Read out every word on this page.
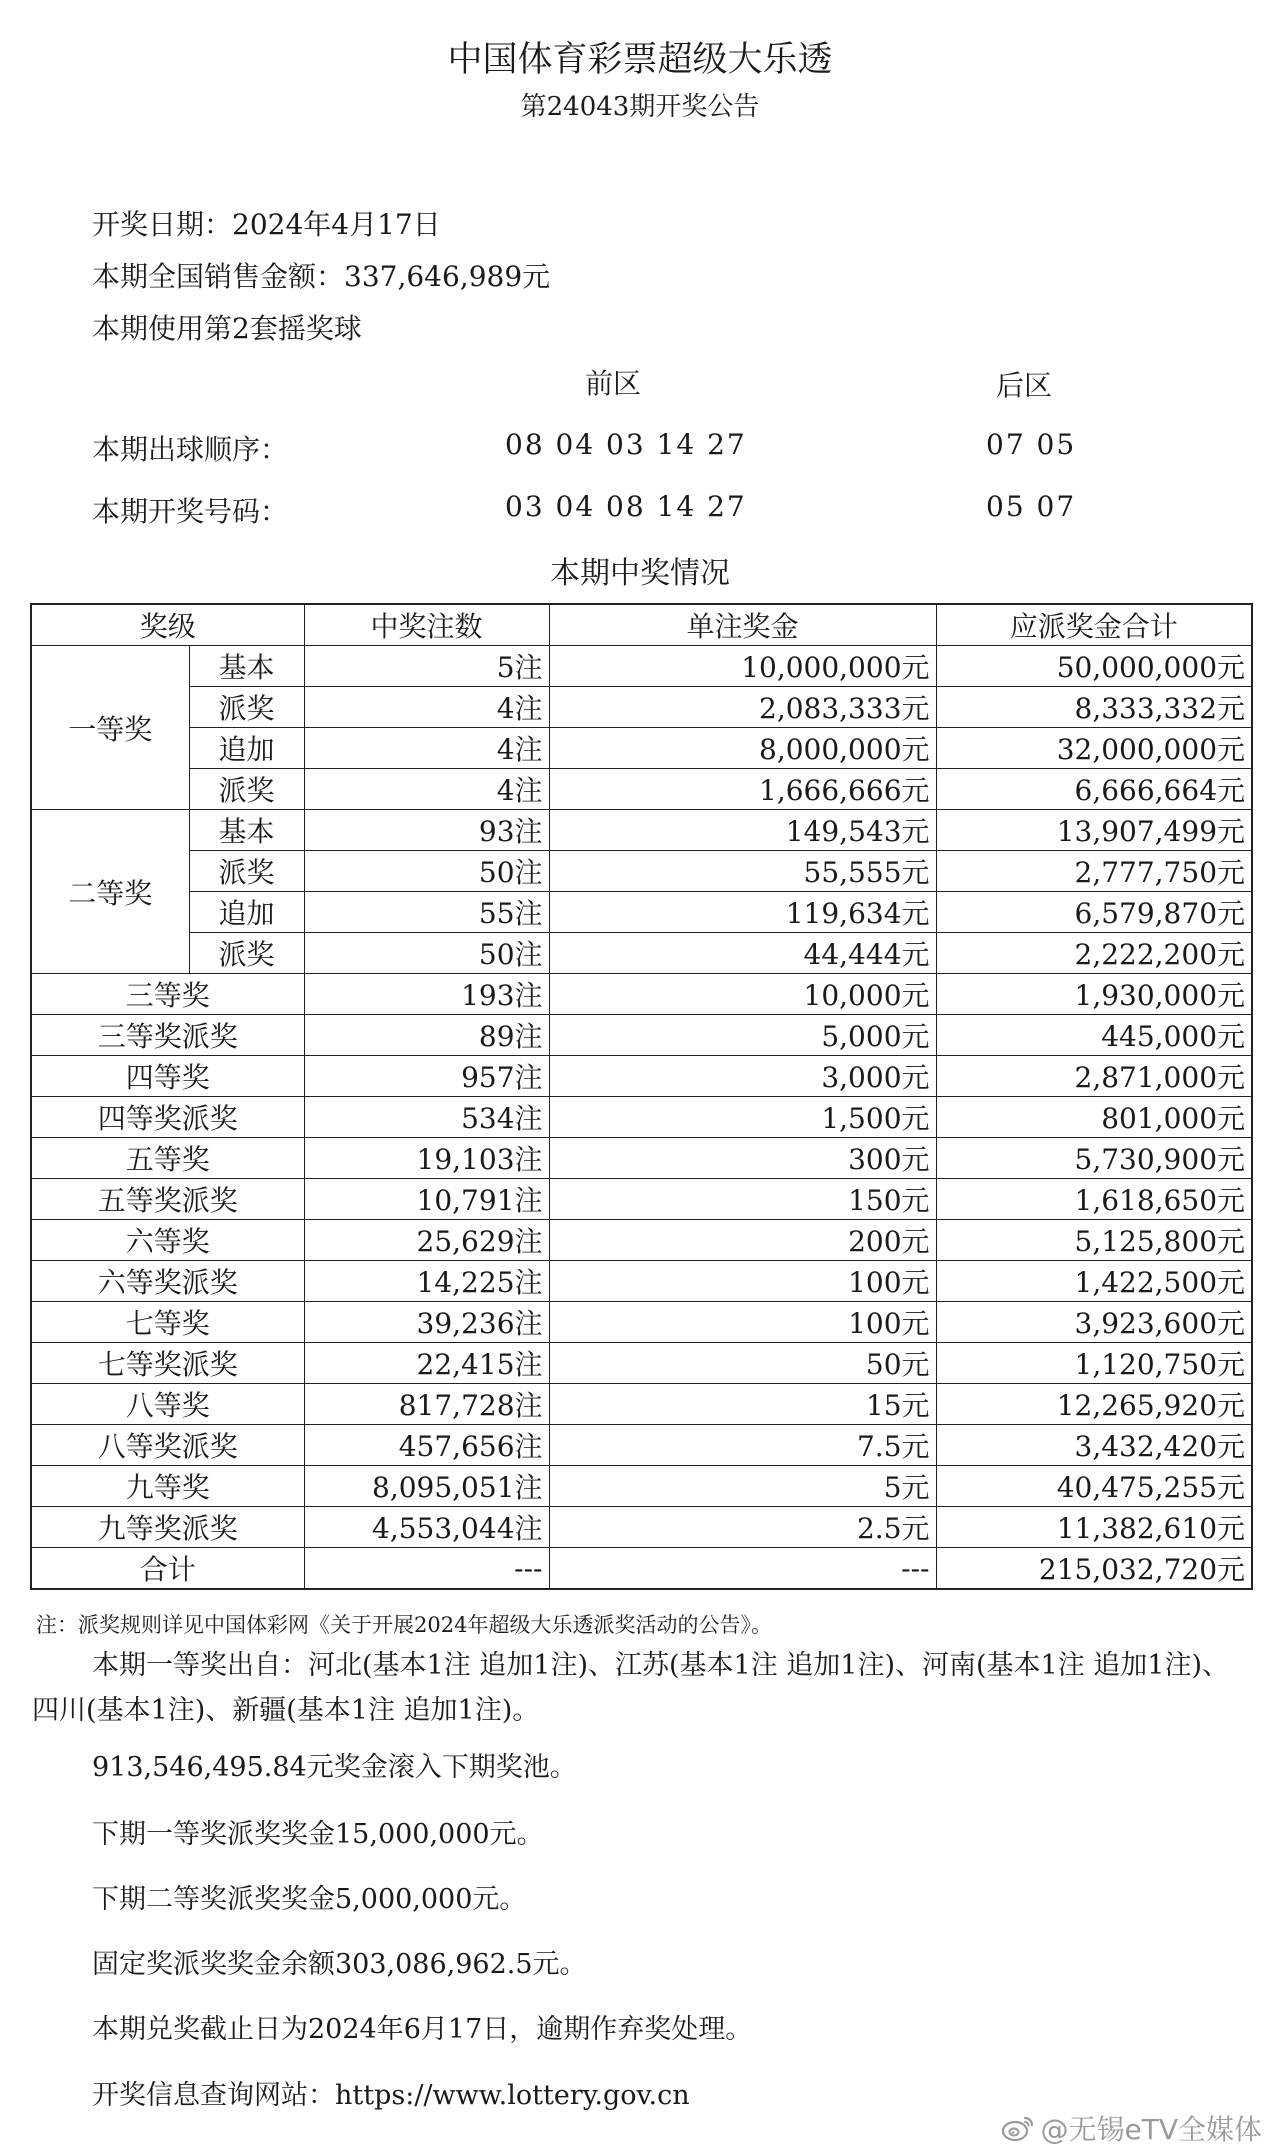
中国体育彩票超级大乐透
第24043期开奖公告
开奖日期：2024年4月17日
本期全国销售金额：337,646,989元
本期使用第2套摇奖球
前区	后区
本期出球顺序：	08 04 03 14 27	07 05
本期开奖号码：	03 04 08 14 27	05 07
本期中奖情况
奖级		中奖注数	单注奖金	应派奖金合计
一等奖	基本	5注	10,000,000元	50,000,000元
	派奖	4注	2,083,333元	8,333,332元
	追加	4注	8,000,000元	32,000,000元
	派奖	4注	1,666,666元	6,666,664元
二等奖	基本	93注	149,543元	13,907,499元
	派奖	50注	55,555元	2,777,750元
	追加	55注	119,634元	6,579,870元
	派奖	50注	44,444元	2,222,200元
三等奖		193注	10,000元	1,930,000元
三等奖派奖		89注	5,000元	445,000元
四等奖		957注	3,000元	2,871,000元
四等奖派奖		534注	1,500元	801,000元
五等奖		19,103注	300元	5,730,900元
五等奖派奖		10,791注	150元	1,618,650元
六等奖		25,629注	200元	5,125,800元
六等奖派奖		14,225注	100元	1,422,500元
七等奖		39,236注	100元	3,923,600元
七等奖派奖		22,415注	50元	1,120,750元
八等奖		817,728注	15元	12,265,920元
八等奖派奖		457,656注	7.5元	3,432,420元
九等奖		8,095,051注	5元	40,475,255元
九等奖派奖		4,553,044注	2.5元	11,382,610元
合计		---	---	215,032,720元
注：派奖规则详见中国体彩网《关于开展2024年超级大乐透派奖活动的公告》。
本期一等奖出自：河北(基本1注 追加1注)、江苏(基本1注 追加1注)、河南(基本1注 追加1注)、四川(基本1注)、新疆(基本1注 追加1注)。
913,546,495.84元奖金滚入下期奖池。
下期一等奖派奖奖金15,000,000元。
下期二等奖派奖奖金5,000,000元。
固定奖派奖奖金余额303,086,962.5元。
本期兑奖截止日为2024年6月17日，逾期作弃奖处理。
开奖信息查询网站：https://www.lottery.gov.cn
@无锡eTV全媒体
